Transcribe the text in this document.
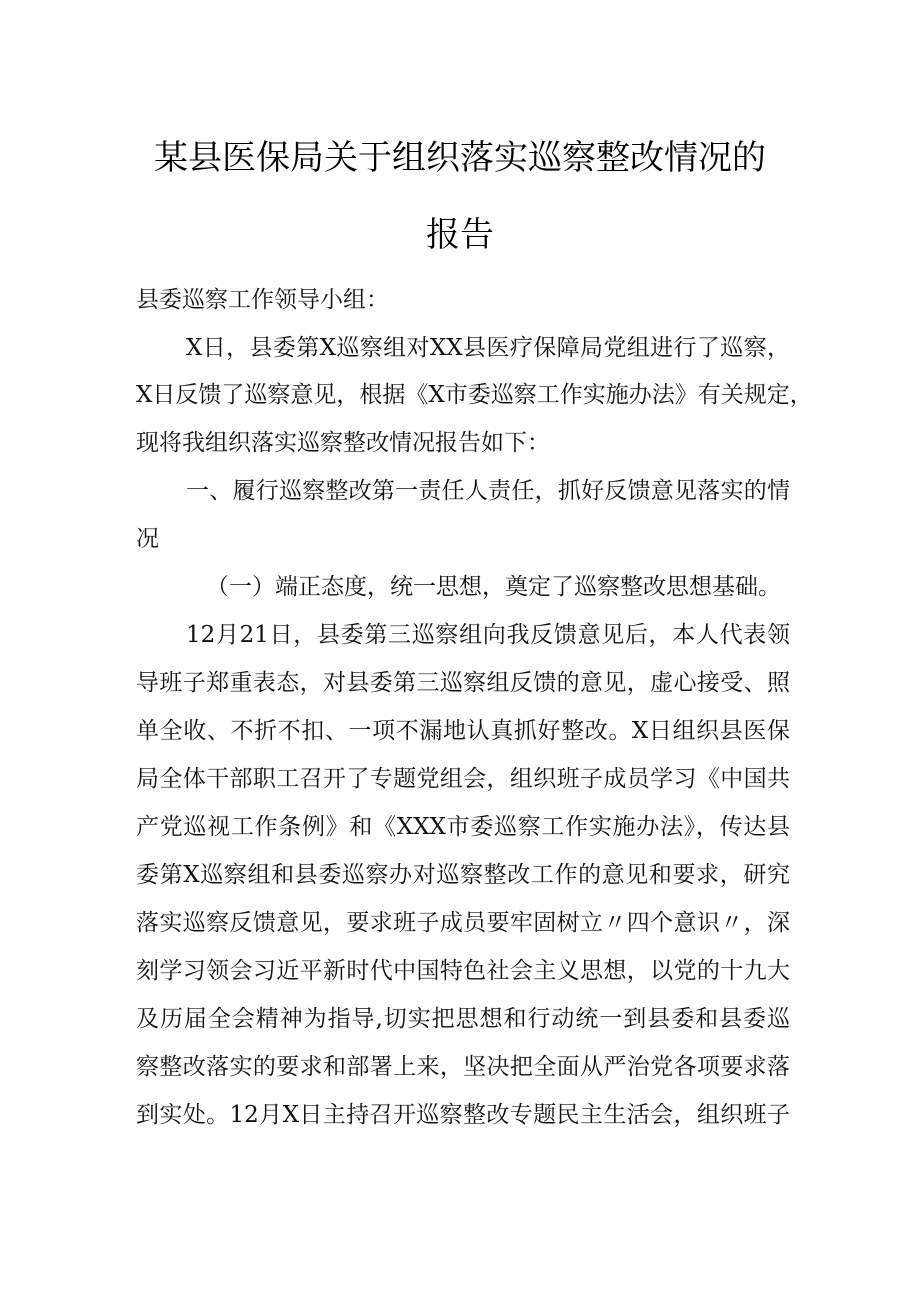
某县医保局关于组织落实巡察整改情况的
报告
县委巡察工作领导小组：
X日，县委第X巡察组对XX县医疗保障局党组进行了巡察，
X日反馈了巡察意见，根据《X市委巡察工作实施办法》有关规定，
现将我组织落实巡察整改情况报告如下：
一、履行巡察整改第一责任人责任，抓好反馈意见落实的情
况
（一）端正态度，统一思想，奠定了巡察整改思想基础。
12月21日，县委第三巡察组向我反馈意见后，本人代表领
导班子郑重表态，对县委第三巡察组反馈的意见，虚心接受、照
单全收、不折不扣、一项不漏地认真抓好整改。X日组织县医保
局全体干部职工召开了专题党组会，组织班子成员学习《中国共
产党巡视工作条例》和《XXX市委巡察工作实施办法》，传达县
委第X巡察组和县委巡察办对巡察整改工作的意见和要求，研究
落实巡察反馈意见，要求班子成员要牢固树立〃四个意识〃，深
刻学习领会习近平新时代中国特色社会主义思想，以党的十九大
及历届全会精神为指导,切实把思想和行动统一到县委和县委巡
察整改落实的要求和部署上来，坚决把全面从严治党各项要求落
到实处。12月X日主持召开巡察整改专题民主生活会，组织班子
